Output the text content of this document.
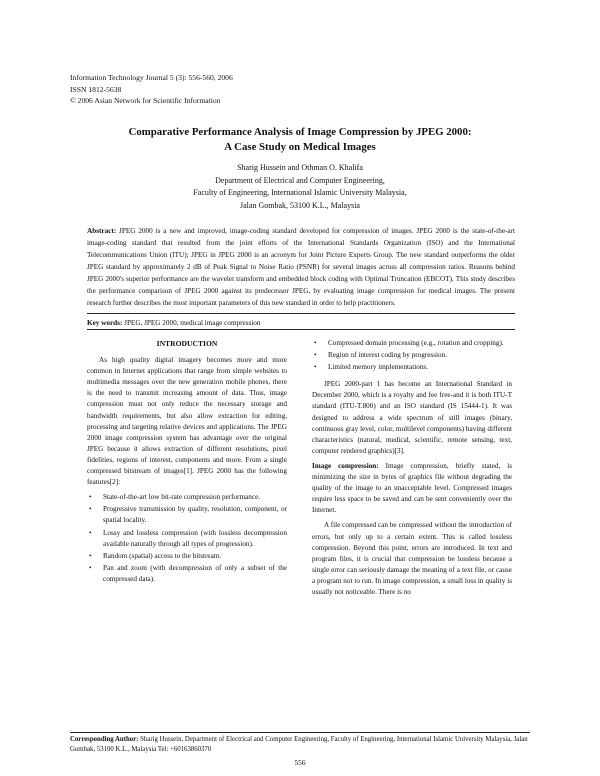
Information Technology Journal 5 (3): 556-560, 2006
ISSN 1812-5638
© 2006 Asian Network for Scientific Information
Comparative Performance Analysis of Image Compression by JPEG 2000:
A Case Study on Medical Images
Sharig Hussein and Othman O. Khalifa
Department of Electrical and Computer Engineering,
Faculty of Engineering, International Islamic University Malaysia,
Jalan Gombak, 53100 K.L., Malaysia
Abstract: JPEG 2000 is a new and improved, image-coding standard developed for compression of images. JPEG 2000 is the state-of-the-art image-coding standard that resulted from the joint efforts of the International Standards Organization (ISO) and the International Telecommunications Union (ITU); JPEG in JPEG 2000 is an acronym for Joint Picture Experts Group. The new standard outperforms the older JPEG standard by approximately 2 dB of Peak Signal to Noise Ratio (PSNR) for several images across all compression ratios. Reasons behind JPEG 2000's superior performance are the wavelet transform and embedded block coding with Optimal Truncation (EBCOT). This study describes the performance comparison of JPEG 2000 against its predecessor JPEG, by evaluating image compression for medical images. The present research further describes the most important parameters of this new standard in order to help practitioners.
Key words: JPEG, JPEG 2000, medical image compression
INTRODUCTION

As high quality digital imagery becomes more and more common in Internet applications that range from simple websites to multimedia messages over the new generation mobile phones, there is the need to transmit increasing amount of data. Thus, image compression must not only reduce the necessary storage and bandwidth requirements, but also allow extraction for editing, processing and targeting relative devices and applications. The JPEG 2000 image compression system has advantage over the original JPEG because it allows extraction of different resolutions, pixel fidelities, regions of interest, components and more. From a single compressed bitstream of images[1]. JPEG 2000 has the following features[2]:

• State-of-the-art low bit-rate compression performance.
• Progressive transmission by quality, resolution, component, or spatial locality.
• Lossy and lossless compression (with lossless decompression available naturally through all types of progression).
• Random (spatial) access to the bitstream.
• Pan and zoom (with decompression of only a subset of the compressed data).
• Compressed domain processing (e.g., rotation and cropping).
• Region of interest coding by progression.
• Limited memory implementations.

JPEG 2000-part 1 has become an International Standard in December 2000, which is a royalty and fee free-and it is both ITU-T standard (ITU-T.800) and an ISO standard (IS 15444-1). It was designed to address a wide spectrum of still images (binary, continuous gray level, color, multilevel components) having different characteristics (natural, medical, scientific, remote sensing, text, computer rendered graphics)[3].

Image compression: Image compression, briefly stated, is minimizing the size in bytes of graphics file without degrading the quality of the image to an unacceptable level. Compressed images require less space to be saved and can be sent conveniently over the Internet.

A file compressed can be compressed without the introduction of errors, but only up to a certain extent. This is called lossless compression. Beyond this point, errors are introduced. In text and program files, it is crucial that compression be lossless because a single error can seriously damage the meaning of a text file, or cause a program not to run. In image compression, a small loss in quality is usually not noticeable. There is no

Corresponding Author: Sharig Hussein, Department of Electrical and Computer Engineering, Faculty of Engineering, International Islamic University Malaysia, Jalan Gombak, 53100 K.L., Malaysia Tel: +60163860370
556
